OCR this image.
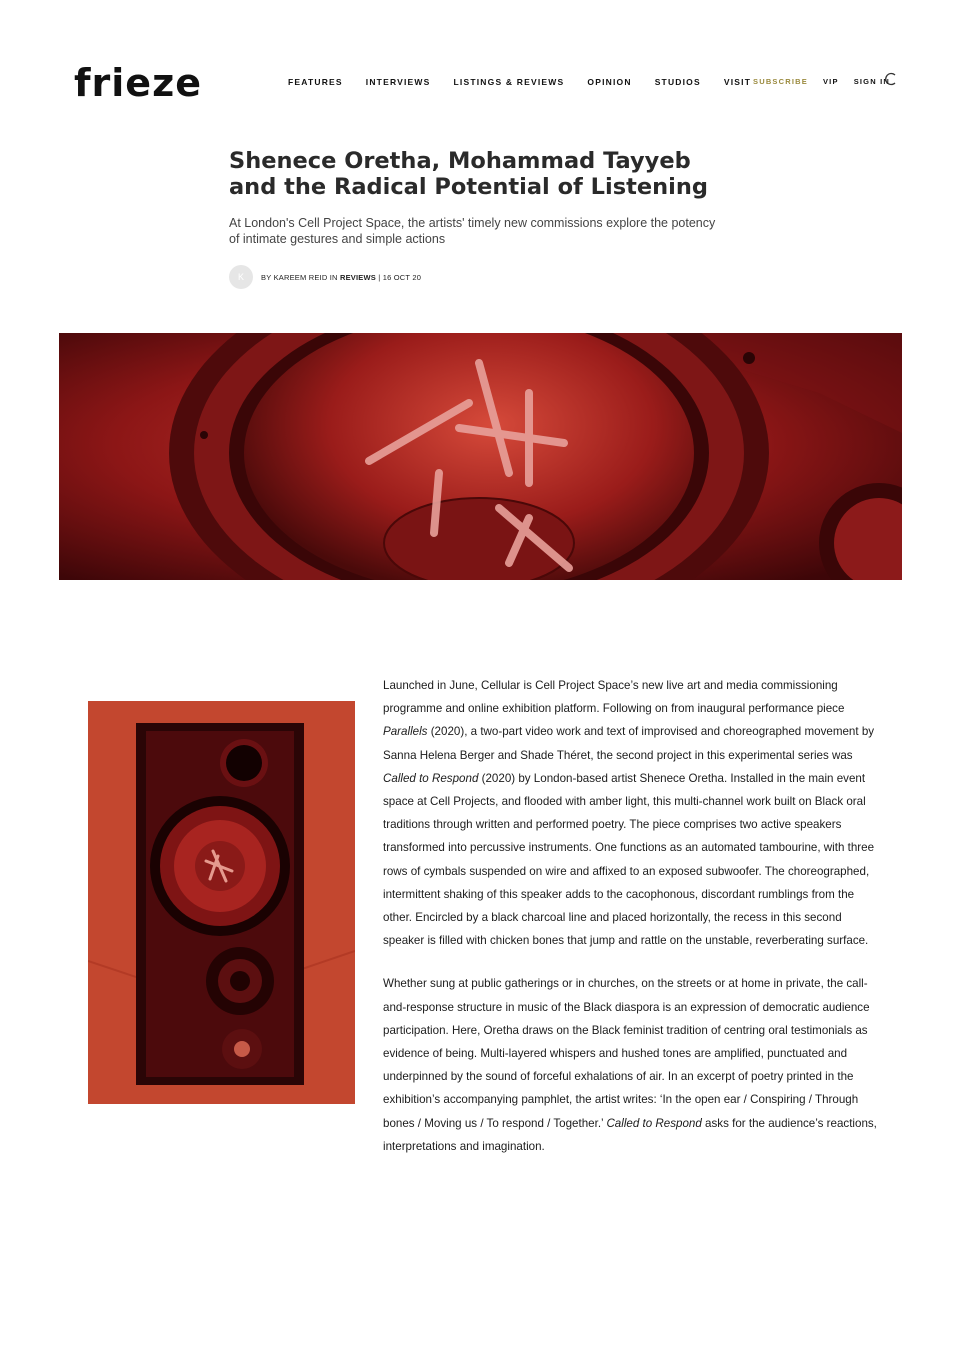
frieze	FEATURES	INTERVIEWS	LISTINGS & REVIEWS	OPINION	STUDIOS	VISIT SUBSCRIBE VIP SIGN IN
Shenece Oretha, Mohammad Tayyeb and the Radical Potential of Listening

At London's Cell Project Space, the artists' timely new commissions explore the potency of intimate gestures and simple actions

K	BY KAREEM REID IN REVIEWS | 16 OCT 20

Launched in June, Cellular is Cell Project Space’s new live art and media commissioning programme and online exhibition platform. Following on from inaugural performance piece Parallels (2020), a two-part video work and text of improvised and choreographed movement by Sanna Helena Berger and Shade Théret, the second project in this experimental series was Called to Respond (2020) by London-based artist Shenece Oretha. Installed in the main event space at Cell Projects, and flooded with amber light, this multi-channel work built on Black oral traditions through written and performed poetry. The piece comprises two active speakers transformed into percussive instruments. One functions as an automated tambourine, with three rows of cymbals suspended on wire and affixed to an exposed subwoofer. The choreographed, intermittent shaking of this speaker adds to the cacophonous, discordant rumblings from the other. Encircled by a black charcoal line and placed horizontally, the recess in this second speaker is filled with chicken bones that jump and rattle on the unstable, reverberating surface.

Whether sung at public gatherings or in churches, on the streets or at home in private, the call-and-response structure in music of the Black diaspora is an expression of democratic audience participation. Here, Oretha draws on the Black feminist tradition of centring oral testimonials as evidence of being. Multi-layered whispers and hushed tones are amplified, punctuated and underpinned by the sound of forceful exhalations of air. In an excerpt of poetry printed in the exhibition’s accompanying pamphlet, the artist writes: ‘In the open ear / Conspiring / Through bones / Moving us / To respond / Together.’ Called to Respond asks for the audience’s reactions, interpretations and imagination.
